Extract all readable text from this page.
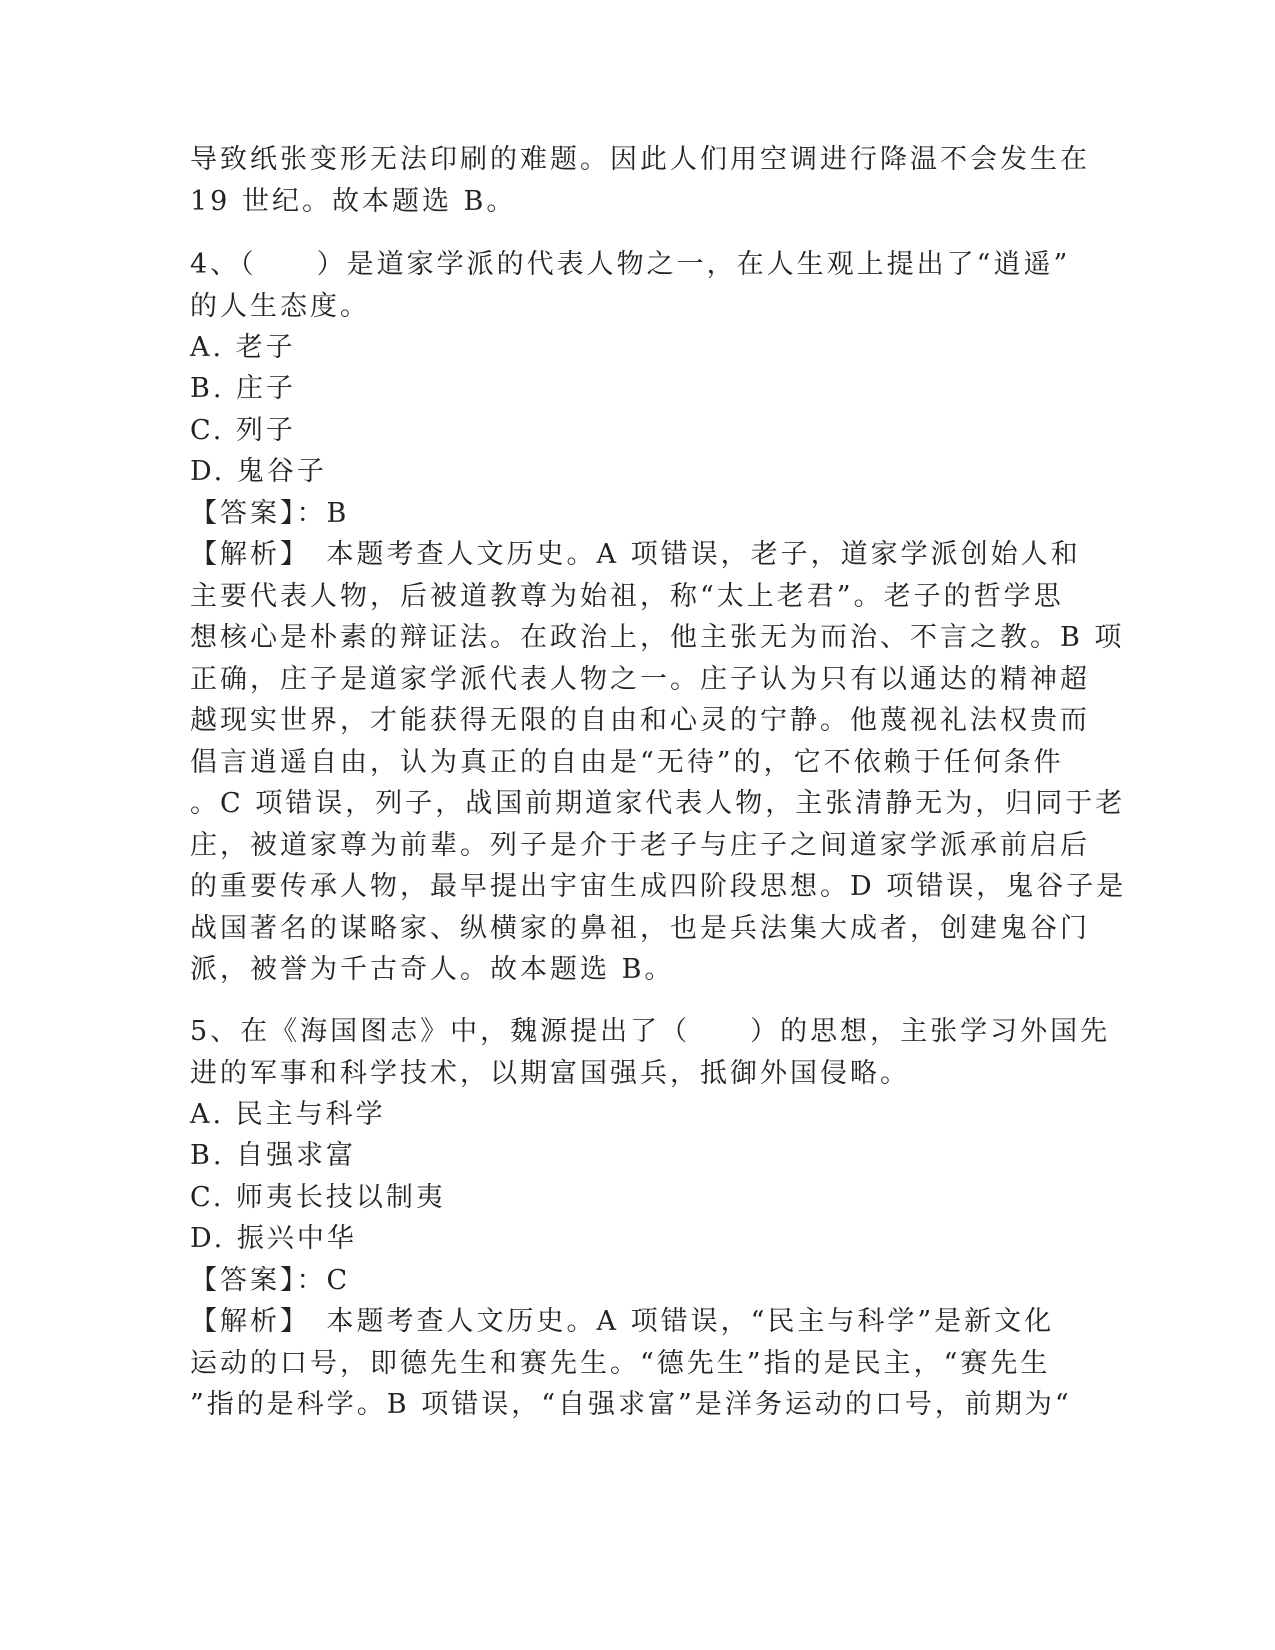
导致纸张变形无法印刷的难题。因此人们用空调进行降温不会发生在
19 世纪。故本题选 B。
4、（　　）是道家学派的代表人物之一，在人生观上提出了“逍遥”
的人生态度。
A. 老子
B. 庄子
C. 列子
D. 鬼谷子
【答案】：B
【解析】　本题考查人文历史。A 项错误，老子，道家学派创始人和
主要代表人物，后被道教尊为始祖，称“太上老君”。老子的哲学思
想核心是朴素的辩证法。在政治上，他主张无为而治、不言之教。B 项
正确，庄子是道家学派代表人物之一。庄子认为只有以通达的精神超
越现实世界，才能获得无限的自由和心灵的宁静。他蔑视礼法权贵而
倡言逍遥自由，认为真正的自由是“无待”的，它不依赖于任何条件
。C 项错误，列子，战国前期道家代表人物，主张清静无为，归同于老
庄，被道家尊为前辈。列子是介于老子与庄子之间道家学派承前启后
的重要传承人物，最早提出宇宙生成四阶段思想。D 项错误，鬼谷子是
战国著名的谋略家、纵横家的鼻祖，也是兵法集大成者，创建鬼谷门
派，被誉为千古奇人。故本题选 B。
5、在《海国图志》中，魏源提出了（　　）的思想，主张学习外国先
进的军事和科学技术，以期富国强兵，抵御外国侵略。
A. 民主与科学
B. 自强求富
C. 师夷长技以制夷
D. 振兴中华
【答案】：C
【解析】　本题考查人文历史。A 项错误，“民主与科学”是新文化
运动的口号，即德先生和赛先生。“德先生”指的是民主，“赛先生
”指的是科学。B 项错误，“自强求富”是洋务运动的口号，前期为“
